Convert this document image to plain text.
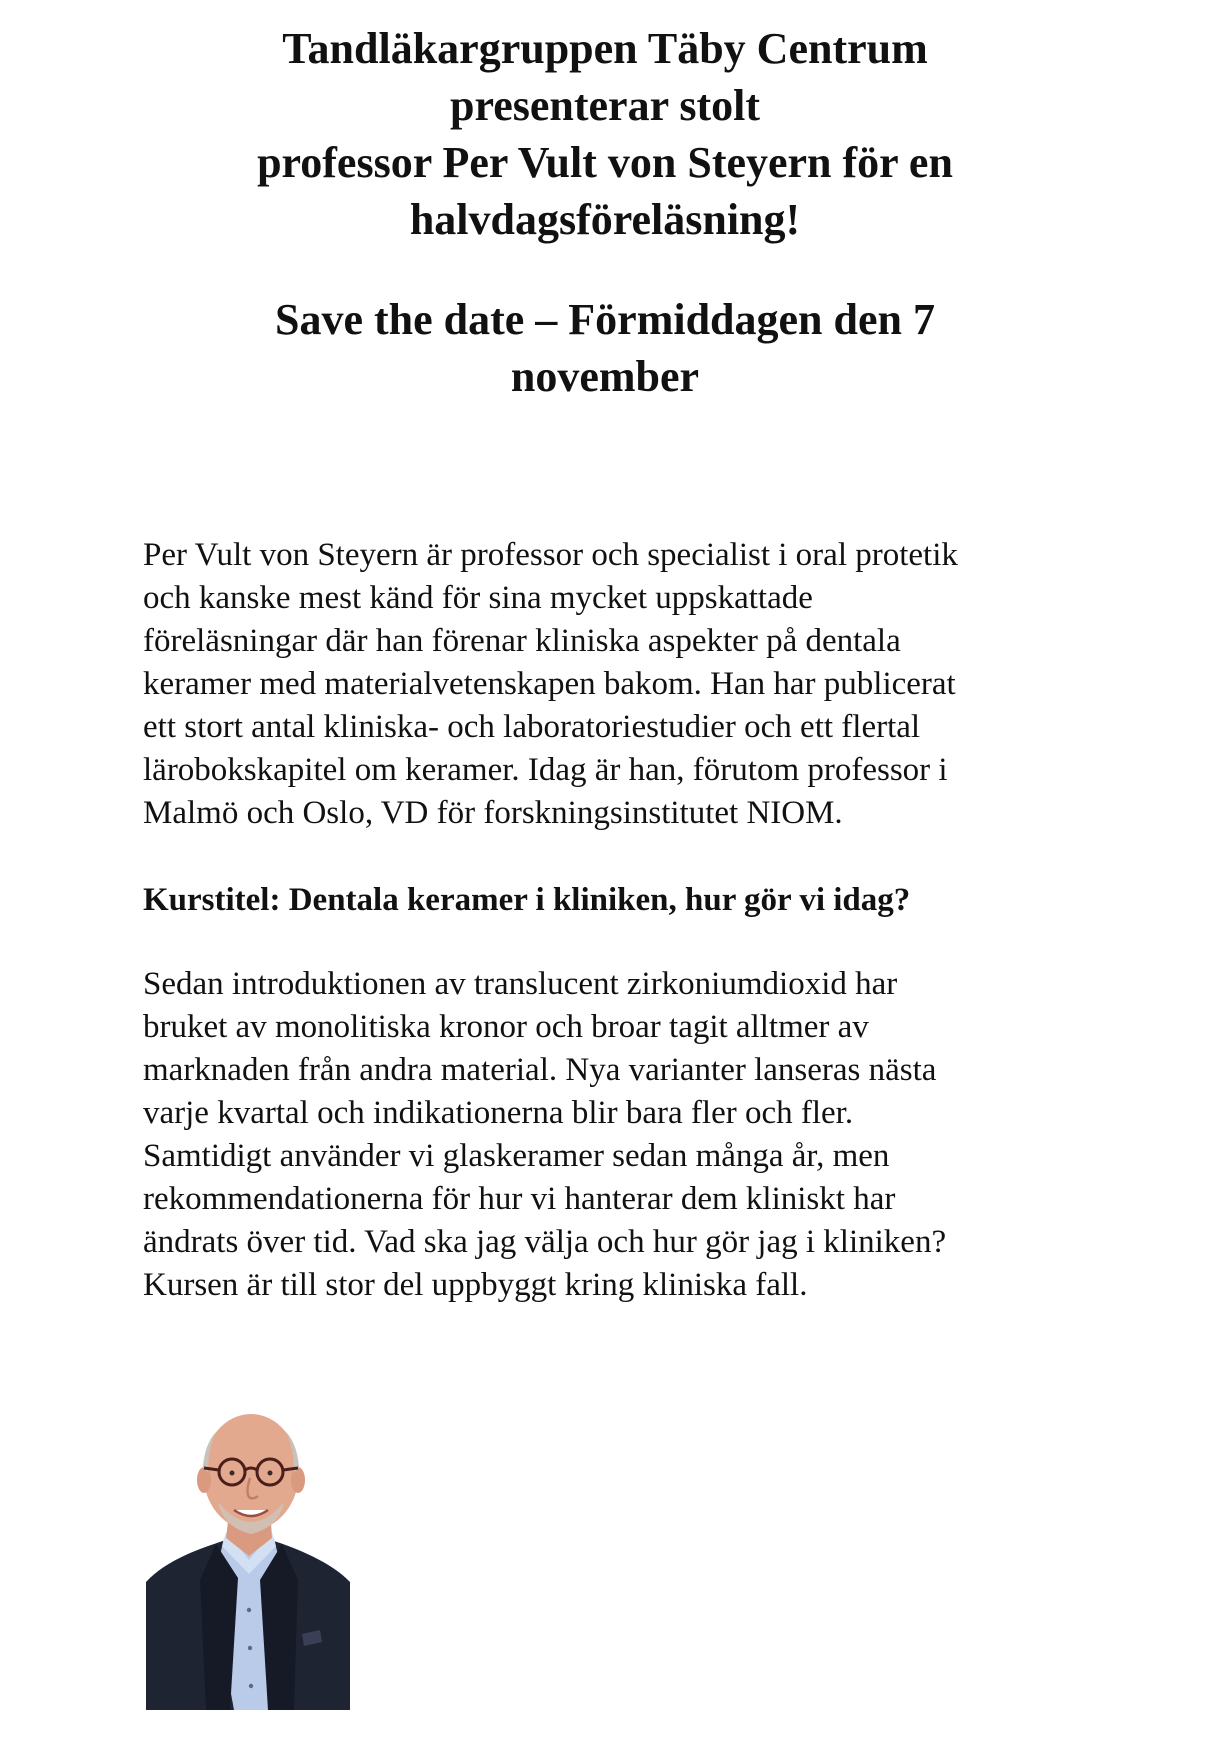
Tandläkargruppen Täby Centrum
presenterar stolt
professor Per Vult von Steyern för en
halvdagsföreläsning!
Save the date – Förmiddagen den 7
november

Per Vult von Steyern är professor och specialist i oral protetik
och kanske mest känd för sina mycket uppskattade
föreläsningar där han förenar kliniska aspekter på dentala
keramer med materialvetenskapen bakom. Han har publicerat
ett stort antal kliniska- och laboratoriestudier och ett flertal
lärobokskapitel om keramer. Idag är han, förutom professor i
Malmö och Oslo, VD för forskningsinstitutet NIOM.

Kurstitel: Dentala keramer i kliniken, hur gör vi idag?

Sedan introduktionen av translucent zirkoniumdioxid har
bruket av monolitiska kronor och broar tagit alltmer av
marknaden från andra material. Nya varianter lanseras nästa
varje kvartal och indikationerna blir bara fler och fler.
Samtidigt använder vi glaskeramer sedan många år, men
rekommendationerna för hur vi hanterar dem kliniskt har
ändrats över tid. Vad ska jag välja och hur gör jag i kliniken?
Kursen är till stor del uppbyggt kring kliniska fall.
